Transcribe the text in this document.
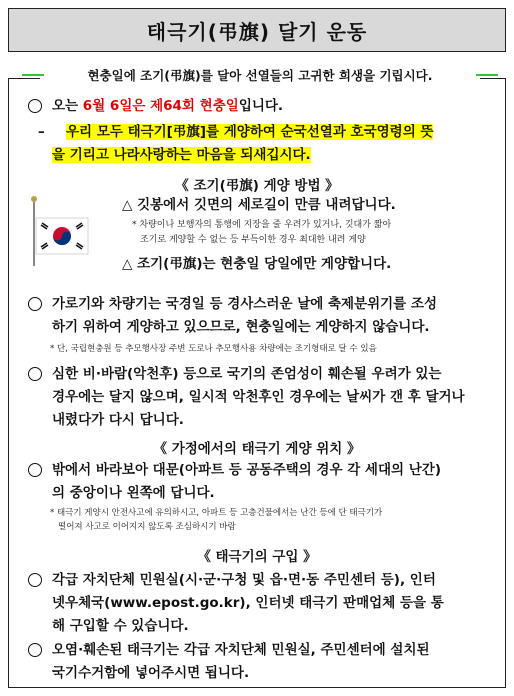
태극기(弔旗) 달기 운동
현충일에 조기(弔旗)를 달아 선열들의 고귀한 희생을 기립시다.
오는 6월 6일은 제64회 현충일입니다.
– 우리 모두 태극기[弔旗]를 게양하여 순국선열과 호국영령의 뜻
을 기리고 나라사랑하는 마음을 되새깁시다.
《 조기(弔旗) 게양 방법 》
△ 깃봉에서 깃면의 세로길이 만큼 내려답니다.
* 차량이나 보행자의 통행에 지장을 줄 우려가 있거나, 깃대가 짧아
조기로 게양할 수 없는 등 부득이한 경우 최대한 내려 게양
△ 조기(弔旗)는 현충일 당일에만 게양합니다.
가로기와 차량기는 국경일 등 경사스러운 날에 축제분위기를 조성
하기 위하여 게양하고 있으므로, 현충일에는 게양하지 않습니다.
* 단, 국립현충원 등 추모행사장 주변 도로나 추모행사용 차량에는 조기형태로 달 수 있음
심한 비·바람(악천후) 등으로 국기의 존엄성이 훼손될 우려가 있는
경우에는 달지 않으며, 일시적 악천후인 경우에는 날씨가 갠 후 달거나
내렸다가 다시 답니다.
《 가정에서의 태극기 게양 위치 》
밖에서 바라보아 대문(아파트 등 공동주택의 경우 각 세대의 난간)
의 중앙이나 왼쪽에 답니다.
* 태극기 게양시 안전사고에 유의하시고, 아파트 등 고층건물에서는 난간 등에 단 태극기가
떨어져 사고로 이어지지 않도록 조심하시기 바람
《 태극기의 구입 》
각급 자치단체 민원실(시·군·구청 및 읍·면·동 주민센터 등), 인터
넷우체국(www.epost.go.kr), 인터넷 태극기 판매업체 등을 통
해 구입할 수 있습니다.
오염·훼손된 태극기는 각급 자치단체 민원실, 주민센터에 설치된
국기수거함에 넣어주시면 됩니다.
